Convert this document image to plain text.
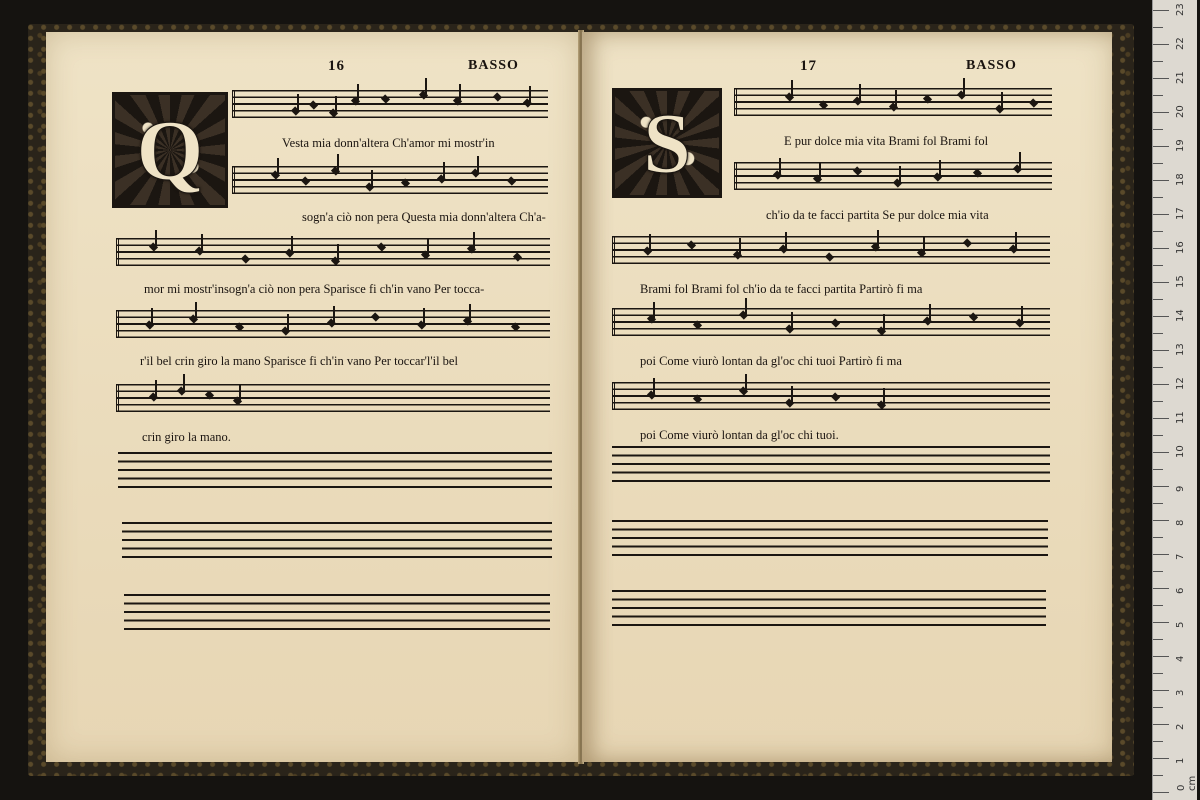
16	BASSO
Q	Vesta mia donn'altera Ch'amor mi mostr'in
sogn'a ciò non pera Questa mia donn'altera Ch'a-
mor mi mostr'insogn'a ciò non pera Sparisce fi ch'in vano Per tocca-
r'il bel crin giro la mano Sparisce fi ch'in vano Per toccar'l'il bel
crin giro la mano.
17	BASSO
S	E pur dolce mia vita Brami fol Brami fol
ch'io da te facci partita Se pur dolce mia vita
Brami fol Brami fol ch'io da te facci partita Partirò fi ma
poi Come viurò lontan da gl'oc chi tuoi Partirò fi ma
poi Come viurò lontan da gl'oc chi tuoi.
0 cm
1
2
3
4
5
6
7
8
9
10
11
12
13
14
15
16
17
18
19
20
21
22
23
